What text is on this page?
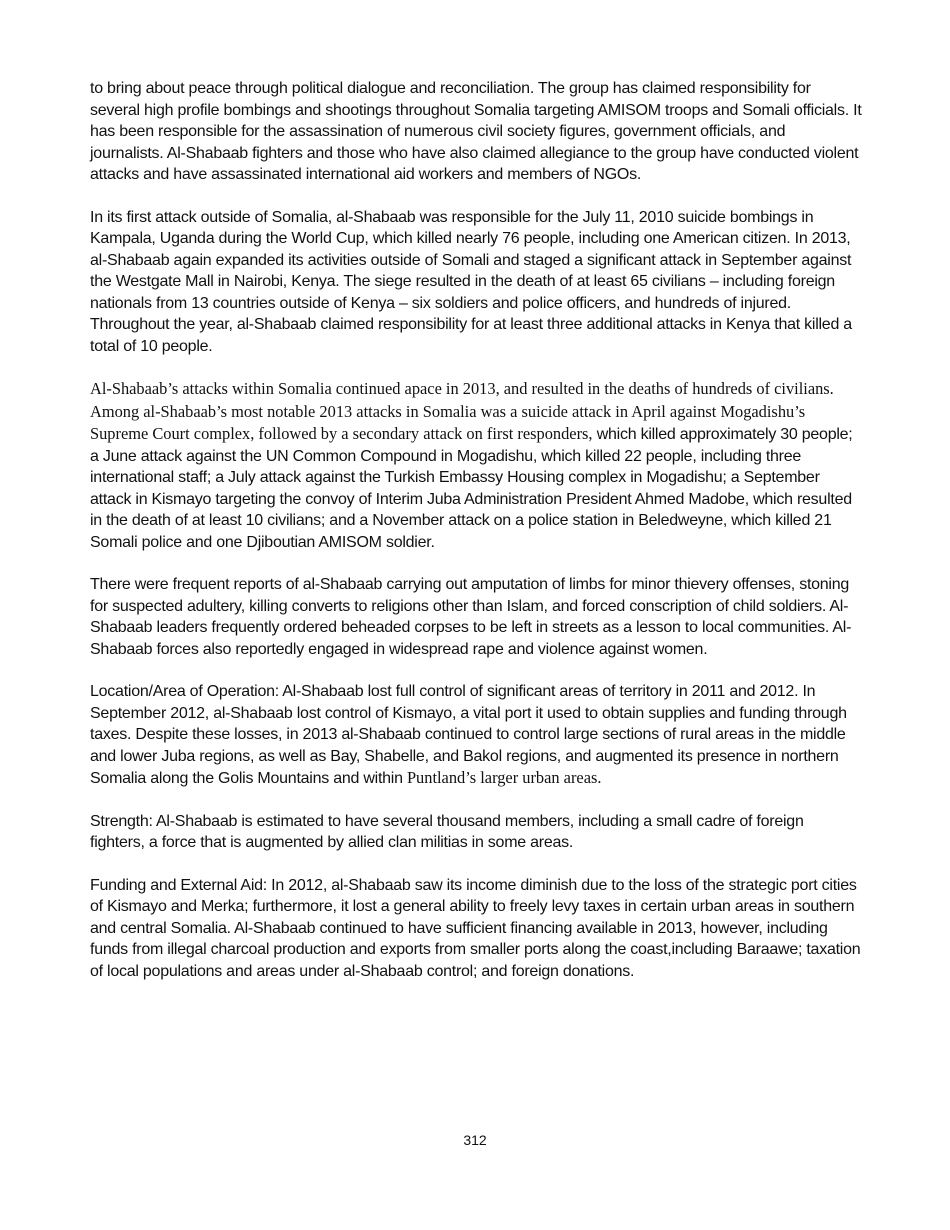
to bring about peace through political dialogue and reconciliation. The group has claimed responsibility for several high profile bombings and shootings throughout Somalia targeting AMISOM troops and Somali officials. It has been responsible for the assassination of numerous civil society figures, government officials, and journalists. Al-Shabaab fighters and those who have also claimed allegiance to the group have conducted violent attacks and have assassinated international aid workers and members of NGOs.

In its first attack outside of Somalia, al-Shabaab was responsible for the July 11, 2010 suicide bombings in Kampala, Uganda during the World Cup, which killed nearly 76 people, including one American citizen. In 2013, al-Shabaab again expanded its activities outside of Somali and staged a significant attack in September against the Westgate Mall in Nairobi, Kenya. The siege resulted in the death of at least 65 civilians – including foreign nationals from 13 countries outside of Kenya – six soldiers and police officers, and hundreds of injured. Throughout the year, al-Shabaab claimed responsibility for at least three additional attacks in Kenya that killed a total of 10 people.

Al-Shabaab’s attacks within Somalia continued apace in 2013, and resulted in the deaths of hundreds of civilians. Among al-Shabaab’s most notable 2013 attacks in Somalia was a suicide attack in April against Mogadishu’s Supreme Court complex, followed by a secondary attack on first responders, which killed approximately 30 people; a June attack against the UN Common Compound in Mogadishu, which killed 22 people, including three international staff; a July attack against the Turkish Embassy Housing complex in Mogadishu; a September attack in Kismayo targeting the convoy of Interim Juba Administration President Ahmed Madobe, which resulted in the death of at least 10 civilians; and a November attack on a police station in Beledweyne, which killed 21 Somali police and one Djiboutian AMISOM soldier.

There were frequent reports of al-Shabaab carrying out amputation of limbs for minor thievery offenses, stoning for suspected adultery, killing converts to religions other than Islam, and forced conscription of child soldiers. Al-Shabaab leaders frequently ordered beheaded corpses to be left in streets as a lesson to local communities. Al-Shabaab forces also reportedly engaged in widespread rape and violence against women.

Location/Area of Operation: Al-Shabaab lost full control of significant areas of territory in 2011 and 2012. In September 2012, al-Shabaab lost control of Kismayo, a vital port it used to obtain supplies and funding through taxes. Despite these losses, in 2013 al-Shabaab continued to control large sections of rural areas in the middle and lower Juba regions, as well as Bay, Shabelle, and Bakol regions, and augmented its presence in northern Somalia along the Golis Mountains and within Puntland’s larger urban areas.

Strength: Al-Shabaab is estimated to have several thousand members, including a small cadre of foreign fighters, a force that is augmented by allied clan militias in some areas.

Funding and External Aid: In 2012, al-Shabaab saw its income diminish due to the loss of the strategic port cities of Kismayo and Merka; furthermore, it lost a general ability to freely levy taxes in certain urban areas in southern and central Somalia. Al-Shabaab continued to have sufficient financing available in 2013, however, including funds from illegal charcoal production and exports from smaller ports along the coast,including Baraawe; taxation of local populations and areas under al-Shabaab control; and foreign donations.

312
